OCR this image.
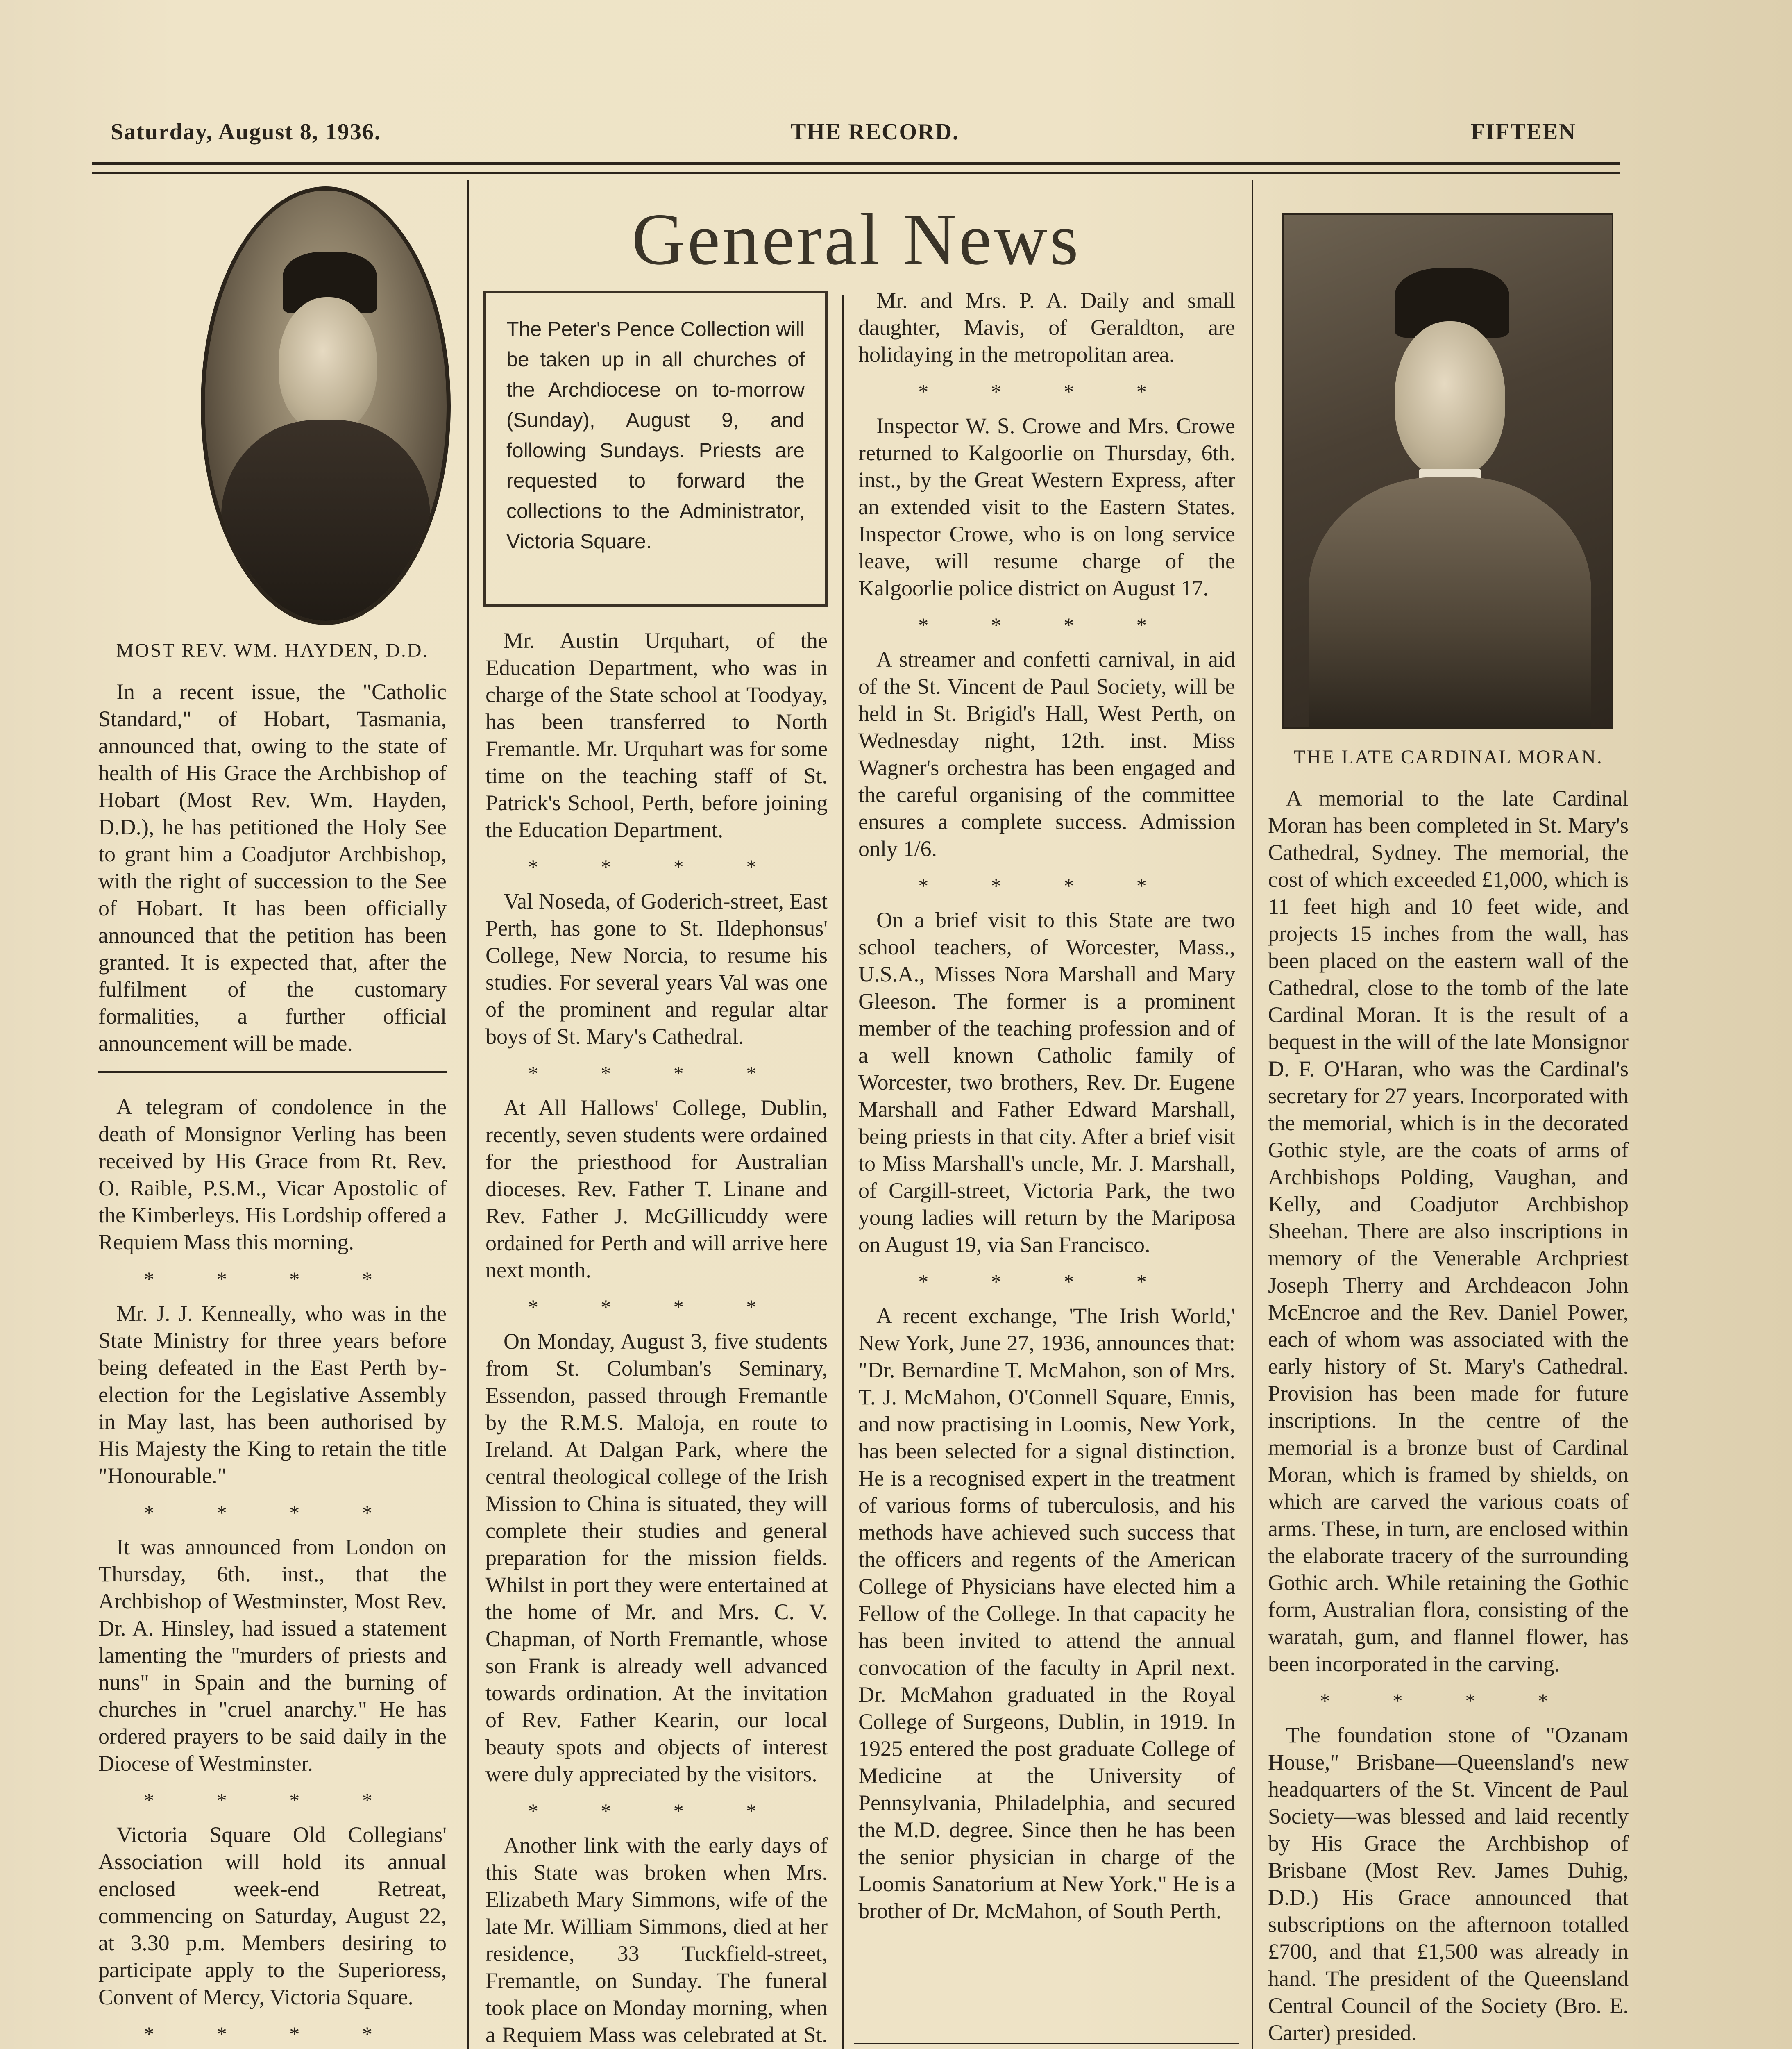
Saturday, August 8, 1936.	THE RECORD.	FIFTEEN
General News
The Peter's Pence Collection will be taken up in all churches of the Archdiocese on to-morrow (Sunday), August 9, and following Sundays. Priests are requested to forward the collections to the Administrator, Victoria Square.
MOST REV. WM. HAYDEN, D.D.

In a recent issue, the "Catholic Standard," of Hobart, Tasmania, announced that, owing to the state of health of His Grace the Archbishop of Hobart (Most Rev. Wm. Hayden, D.D.), he has petitioned the Holy See to grant him a Coadjutor Archbishop, with the right of succession to the See of Hobart. It has been officially announced that the petition has been granted. It is expected that, after the fulfilment of the customary formalities, a further official announcement will be made.

A telegram of condolence in the death of Monsignor Verling has been received by His Grace from Rt. Rev. O. Raible, P.S.M., Vicar Apostolic of the Kimberleys. His Lordship offered a Requiem Mass this morning.

* * * *

Mr. J. J. Kenneally, who was in the State Ministry for three years before being defeated in the East Perth by-election for the Legislative Assembly in May last, has been authorised by His Majesty the King to retain the title "Honourable."

* * * *

It was announced from London on Thursday, 6th. inst., that the Archbishop of Westminster, Most Rev. Dr. A. Hinsley, had issued a statement lamenting the "murders of priests and nuns" in Spain and the burning of churches in "cruel anarchy." He has ordered prayers to be said daily in the Diocese of Westminster.

* * * *

Victoria Square Old Collegians' Association will hold its annual enclosed week-end Retreat, commencing on Saturday, August 22, at 3.30 p.m. Members desiring to participate apply to the Superioress, Convent of Mercy, Victoria Square.

* * * *

Mr. Austin Urquhart, of the Education Department, who was in charge of the State school at Toodyay, has been transferred to North Fremantle. Mr. Urquhart was for some time on the teaching staff of St. Patrick's School, Perth, before joining the Education Department.

* * * *

Val Noseda, of Goderich-street, East Perth, has gone to St. Ildephonsus' College, New Norcia, to resume his studies. For several years Val was one of the prominent and regular altar boys of St. Mary's Cathedral.

* * * *

At All Hallows' College, Dublin, recently, seven students were ordained for the priesthood for Australian dioceses. Rev. Father T. Linane and Rev. Father J. McGillicuddy were ordained for Perth and will arrive here next month.

* * * *

On Monday, August 3, five students from St. Columban's Seminary, Essendon, passed through Fremantle by the R.M.S. Maloja, en route to Ireland. At Dalgan Park, where the central theological college of the Irish Mission to China is situated, they will complete their studies and general preparation for the mission fields. Whilst in port they were entertained at the home of Mr. and Mrs. C. V. Chapman, of North Fremantle, whose son Frank is already well advanced towards ordination. At the invitation of Rev. Father Kearin, our local beauty spots and objects of interest were duly appreciated by the visitors.

* * * *

Another link with the early days of this State was broken when Mrs. Elizabeth Mary Simmons, wife of the late Mr. William Simmons, died at her residence, 33 Tuckfield-street, Fremantle, on Sunday. The funeral took place on Monday morning, when a Requiem Mass was celebrated at St.

Mr. and Mrs. P. A. Daily and small daughter, Mavis, of Geraldton, are holidaying in the metropolitan area.

* * * *

Inspector W. S. Crowe and Mrs. Crowe returned to Kalgoorlie on Thursday, 6th. inst., by the Great Western Express, after an extended visit to the Eastern States. Inspector Crowe, who is on long service leave, will resume charge of the Kalgoorlie police district on August 17.

* * * *

A streamer and confetti carnival, in aid of the St. Vincent de Paul Society, will be held in St. Brigid's Hall, West Perth, on Wednesday night, 12th. inst. Miss Wagner's orchestra has been engaged and the careful organising of the committee ensures a complete success. Admission only 1/6.

* * * *

On a brief visit to this State are two school teachers, of Worcester, Mass., U.S.A., Misses Nora Marshall and Mary Gleeson. The former is a prominent member of the teaching profession and of a well known Catholic family of Worcester, two brothers, Rev. Dr. Eugene Marshall and Father Edward Marshall, being priests in that city. After a brief visit to Miss Marshall's uncle, Mr. J. Marshall, of Cargill-street, Victoria Park, the two young ladies will return by the Mariposa on August 19, via San Francisco.

* * * *

A recent exchange, 'The Irish World,' New York, June 27, 1936, announces that: "Dr. Bernardine T. McMahon, son of Mrs. T. J. McMahon, O'Connell Square, Ennis, and now practising in Loomis, New York, has been selected for a signal distinction. He is a recognised expert in the treatment of various forms of tuberculosis, and his methods have achieved such success that the officers and regents of the American College of Physicians have elected him a Fellow of the College. In that capacity he has been invited to attend the annual convocation of the faculty in April next. Dr. McMahon graduated in the Royal College of Surgeons, Dublin, in 1919. In 1925 entered the post graduate College of Medicine at the University of Pennsylvania, Philadelphia, and secured the M.D. degree. Since then he has been the senior physician in charge of the Loomis Sanatorium at New York." He is a brother of Dr. McMahon, of South Perth.

THE LATE CARDINAL MORAN.

A memorial to the late Cardinal Moran has been completed in St. Mary's Cathedral, Sydney. The memorial, the cost of which exceeded £1,000, which is 11 feet high and 10 feet wide, and projects 15 inches from the wall, has been placed on the eastern wall of the Cathedral, close to the tomb of the late Cardinal Moran. It is the result of a bequest in the will of the late Monsignor D. F. O'Haran, who was the Cardinal's secretary for 27 years. Incorporated with the memorial, which is in the decorated Gothic style, are the coats of arms of Archbishops Polding, Vaughan, and Kelly, and Coadjutor Archbishop Sheehan. There are also inscriptions in memory of the Venerable Archpriest Joseph Therry and Archdeacon John McEncroe and the Rev. Daniel Power, each of whom was associated with the early history of St. Mary's Cathedral. Provision has been made for future inscriptions. In the centre of the memorial is a bronze bust of Cardinal Moran, which is framed by shields, on which are carved the various coats of arms. These, in turn, are enclosed within the elaborate tracery of the surrounding Gothic arch. While retaining the Gothic form, Australian flora, consisting of the waratah, gum, and flannel flower, has been incorporated in the carving.

* * * *

The foundation stone of "Ozanam House," Brisbane—Queensland's new headquarters of the St. Vincent de Paul Society—was blessed and laid recently by His Grace the Archbishop of Brisbane (Most Rev. James Duhig, D.D.) His Grace announced that subscriptions on the afternoon totalled £700, and that £1,500 was already in hand. The president of the Queensland Central Council of the Society (Bro. E. Carter) presided.
